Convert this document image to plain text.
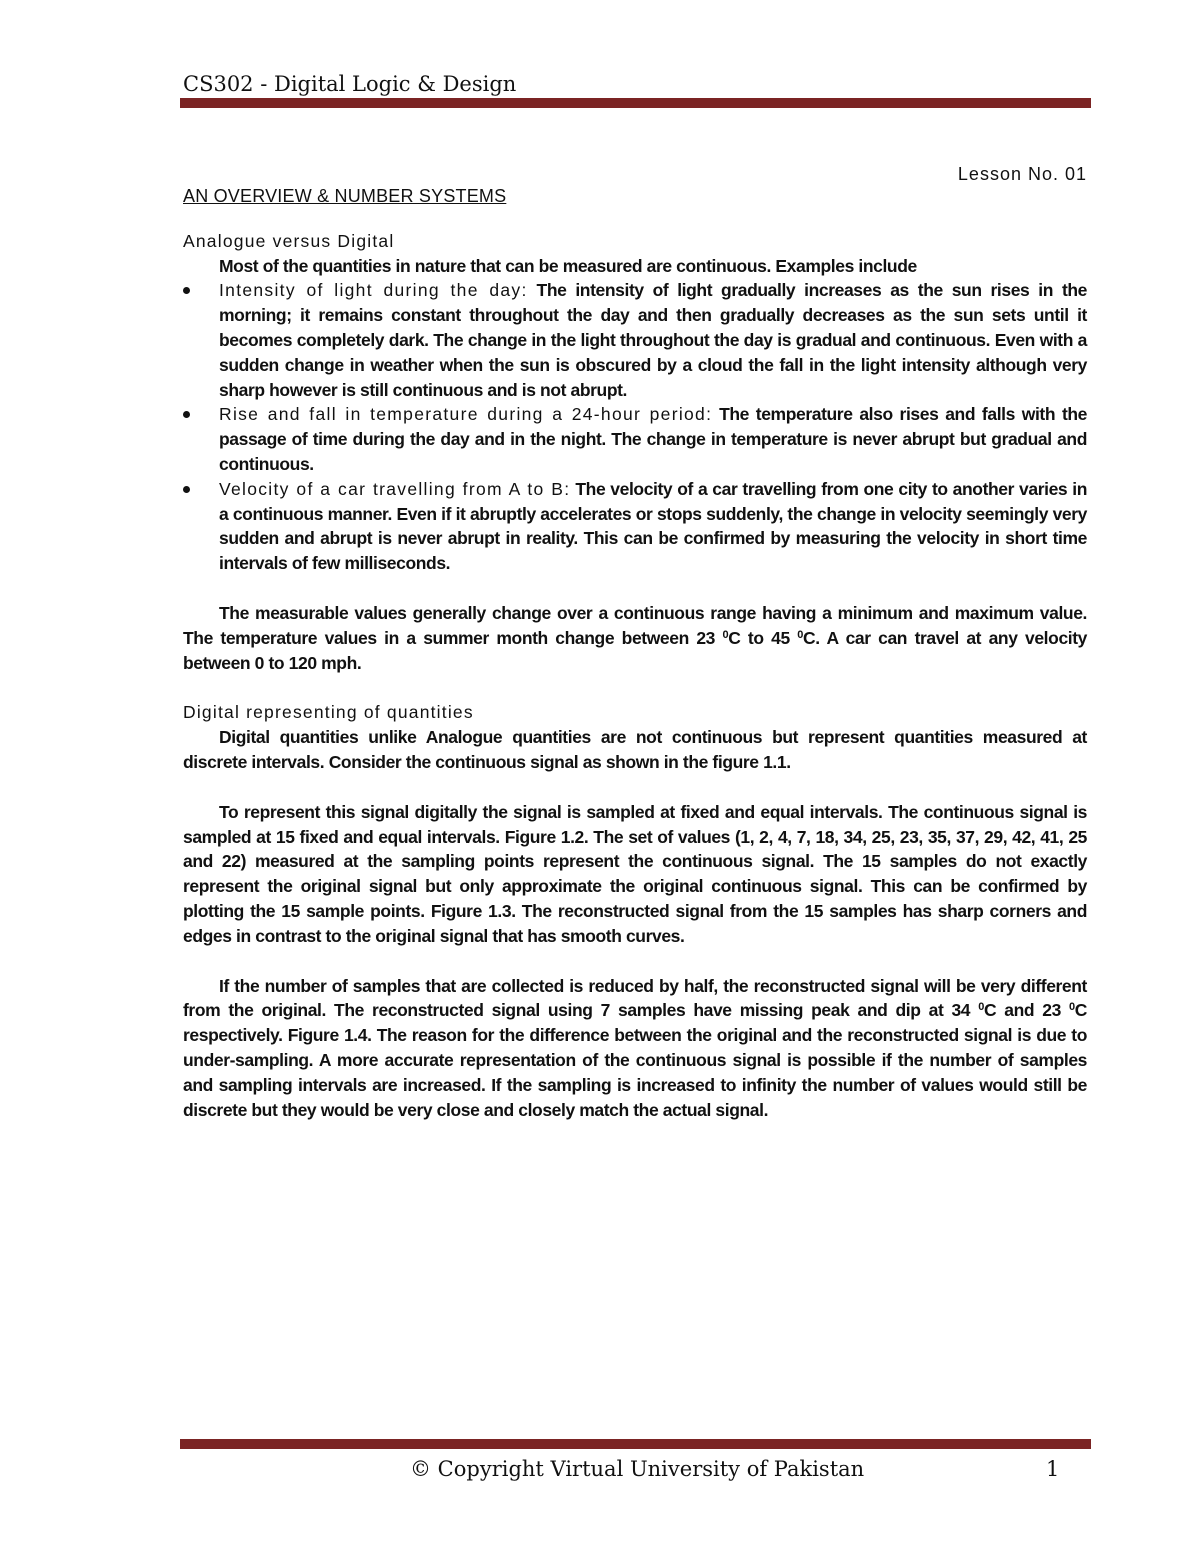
CS302 - Digital Logic & Design
Lesson No. 01
AN OVERVIEW & NUMBER SYSTEMS
Analogue versus Digital

Most of the quantities in nature that can be measured are continuous. Examples include

Intensity of light during the day: The intensity of light gradually increases as the sun rises in the morning; it remains constant throughout the day and then gradually decreases as the sun sets until it becomes completely dark. The change in the light throughout the day is gradual and continuous. Even with a sudden change in weather when the sun is obscured by a cloud the fall in the light intensity although very sharp however is still continuous and is not abrupt.
Rise and fall in temperature during a 24-hour period: The temperature also rises and falls with the passage of time during the day and in the night. The change in temperature is never abrupt but gradual and continuous.
Velocity of a car travelling from A to B: The velocity of a car travelling from one city to another varies in a continuous manner. Even if it abruptly accelerates or stops suddenly, the change in velocity seemingly very sudden and abrupt is never abrupt in reality. This can be confirmed by measuring the velocity in short time intervals of few milliseconds.

The measurable values generally change over a continuous range having a minimum and maximum value. The temperature values in a summer month change between 23 $^0$C to 45 $^0$C. A car can travel at any velocity between 0 to 120 mph.

Digital representing of quantities

Digital quantities unlike Analogue quantities are not continuous but represent quantities measured at discrete intervals. Consider the continuous signal as shown in the figure 1.1.

To represent this signal digitally the signal is sampled at fixed and equal intervals. The continuous signal is sampled at 15 fixed and equal intervals. Figure 1.2. The set of values (1, 2, 4, 7, 18, 34, 25, 23, 35, 37, 29, 42, 41, 25 and 22) measured at the sampling points represent the continuous signal. The 15 samples do not exactly represent the original signal but only approximate the original continuous signal. This can be confirmed by plotting the 15 sample points. Figure 1.3. The reconstructed signal from the 15 samples has sharp corners and edges in contrast to the original signal that has smooth curves.

If the number of samples that are collected is reduced by half, the reconstructed signal will be very different from the original. The reconstructed signal using 7 samples have missing peak and dip at 34 $^0$C and 23 $^0$C respectively. Figure 1.4. The reason for the difference between the original and the reconstructed signal is due to under-sampling. A more accurate representation of the continuous signal is possible if the number of samples and sampling intervals are increased. If the sampling is increased to infinity the number of values would still be discrete but they would be very close and closely match the actual signal.

© Copyright Virtual University of Pakistan	1
